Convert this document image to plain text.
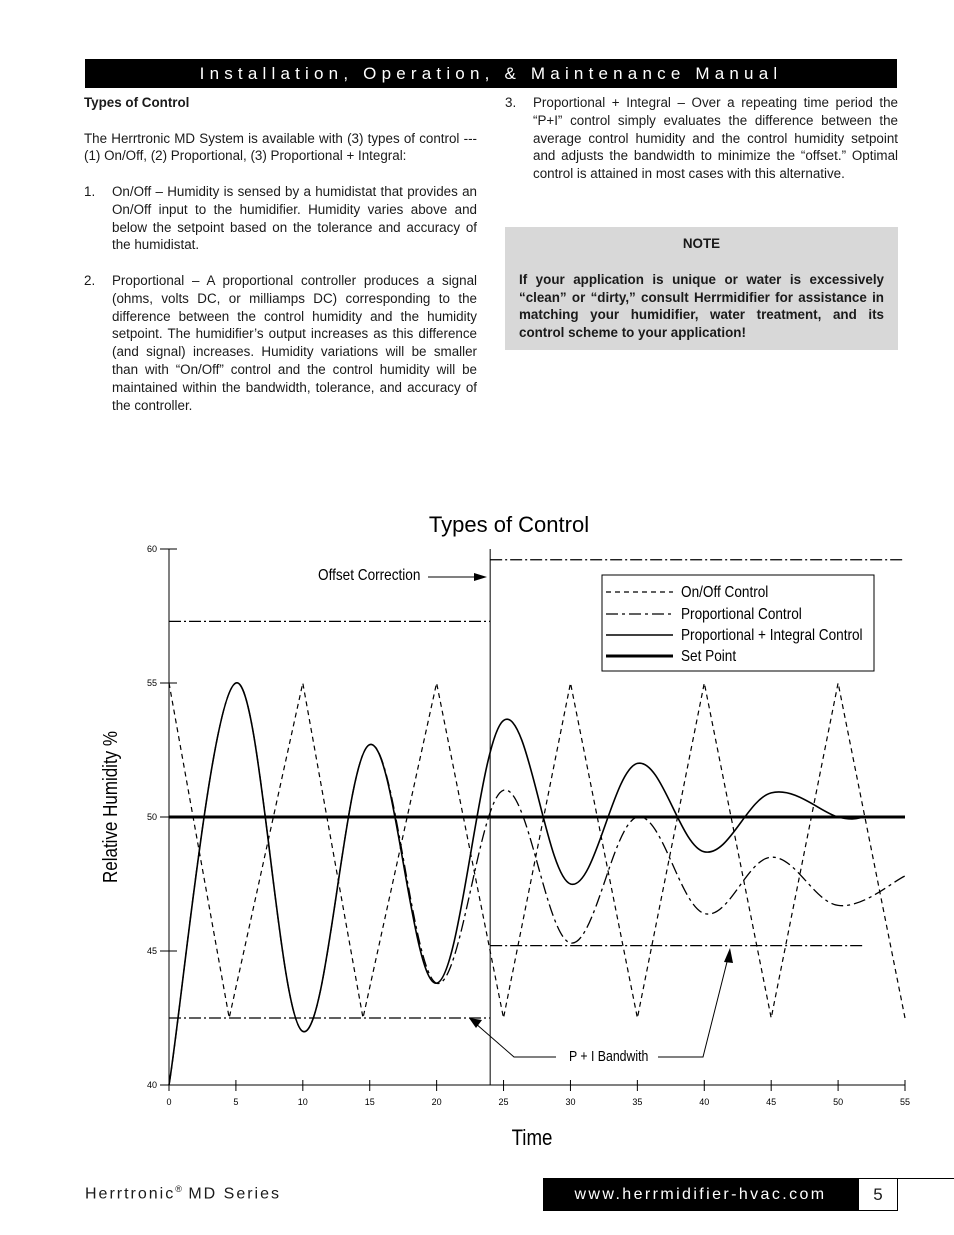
Installation, Operation, & Maintenance Manual

Types of Control

The Herrtronic MD System is available with (3) types of control ---(1) On/Off, (2) Proportional, (3) Proportional + Integral:

1.	On/Off – Humidity is sensed by a humidistat that provides an On/Off input to the humidifier. Humidity varies above and below the setpoint based on the tolerance and accuracy of the humidistat.
2.	Proportional – A proportional controller produces a signal (ohms, volts DC, or milliamps DC) corresponding to the difference between the control humidity and the humidity setpoint. The humidifier’s output increases as this difference (and signal) increases. Humidity variations will be smaller than with “On/Off” control and the control humidity will be maintained within the bandwidth, tolerance, and accuracy of the controller.
3.	Proportional + Integral – Over a repeating time period the “P+I” control simply evaluates the difference between the average control humidity and the control humidity setpoint and adjusts the bandwidth to minimize the “offset.” Optimal control is attained in most cases with this alternative.
NOTE
If your application is unique or water is excessively “clean” or “dirty,” consult Herrmidifier for assistance in matching your humidifier, water treatment, and its control scheme to your application!
Types of Control
40
45
50
55
60
0	5	10	15	20	25	30	35	40	45	50	55
Relative Humidity %
Time
On/Off Control
Proportional Control
Proportional + Integral Control
Set Point
Offset Correction
P + I Bandwith
Herrtronic® MD Series	www.herrmidifier-hvac.com	5
